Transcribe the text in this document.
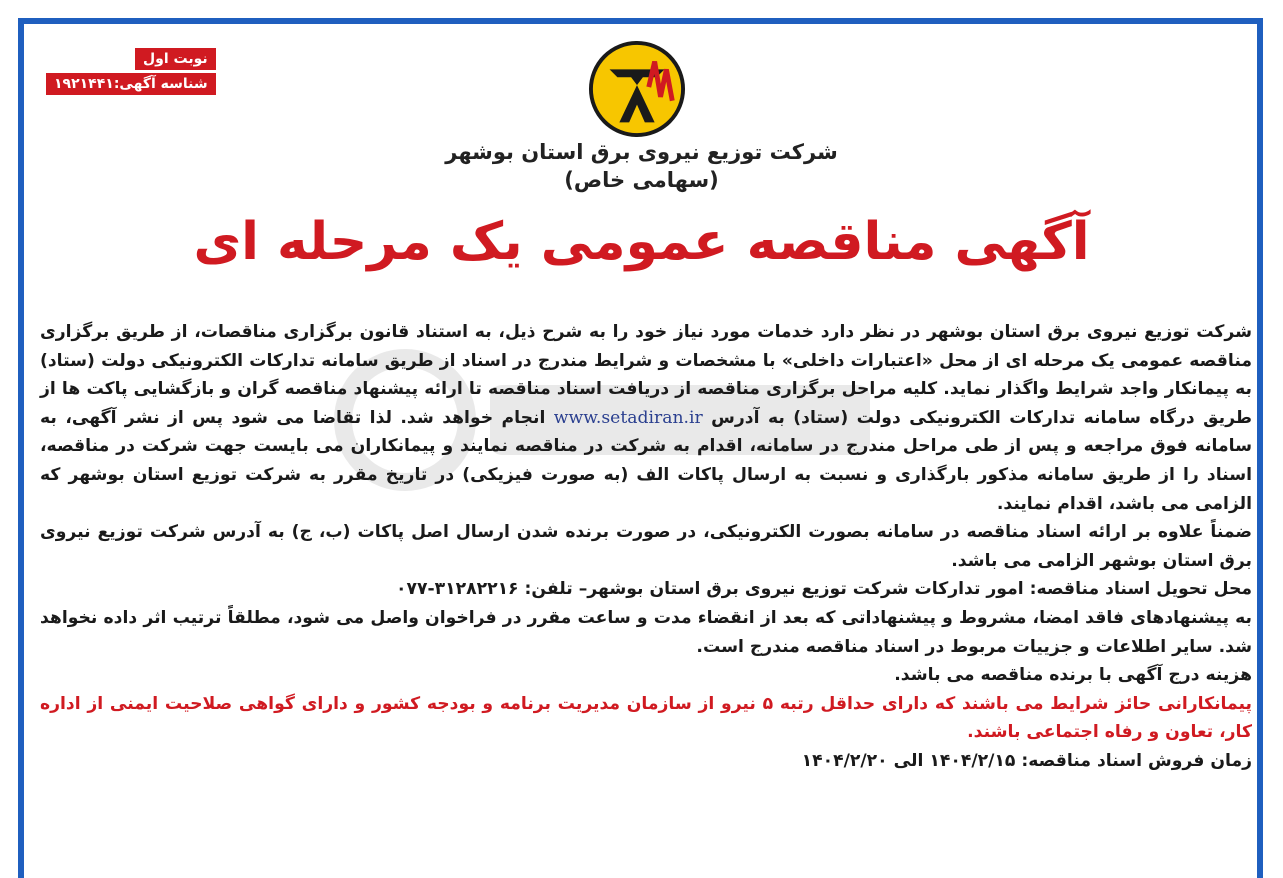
نوبت اول
شناسه آگهی:۱۹۲۱۴۴۱
شرکت توزیع نیروی برق استان بوشهر
(سهامی خاص)
آگهی مناقصه عمومی یک مرحله ای

شرکت توزیع نیروی برق استان بوشهر در نظر دارد خدمات مورد نیاز خود را به شرح ذیل، به استناد قانون برگزاری مناقصات، از طریق برگزاری مناقصه عمومی یک مرحله ای از محل «اعتبارات داخلی» با مشخصات و شرایط مندرج در اسناد از طریق سامانه تدارکات الکترونیکی دولت (ستاد) به پیمانکار واجد شرایط واگذار نماید. کلیه مراحل برگزاری مناقصه از دریافت اسناد مناقصه تا ارائه پیشنهاد مناقصه گران و بازگشایی پاکت ها از طریق درگاه سامانه تدارکات الکترونیکی دولت (ستاد) به آدرس www.setadiran.ir انجام خواهد شد. لذا تقاضا می شود پس از نشر آگهی، به سامانه فوق مراجعه و پس از طی مراحل مندرج در سامانه، اقدام به شرکت در مناقصه نمایند و پیمانکاران می بایست جهت شرکت در مناقصه، اسناد را از طریق سامانه مذکور بارگذاری و نسبت به ارسال پاکات الف (به صورت فیزیکی) در تاریخ مقرر به شرکت توزیع استان بوشهر که الزامی می باشد، اقدام نمایند.

ضمناً علاوه بر ارائه اسناد مناقصه در سامانه بصورت الکترونیکی، در صورت برنده شدن ارسال اصل پاکات (ب، ج) به آدرس شرکت توزیع نیروی برق استان بوشهر الزامی می باشد.

محل تحویل اسناد مناقصه: امور تدارکات شرکت توزیع نیروی برق استان بوشهر– تلفن: ۳۱۲۸۲۲۱۶-۰۷۷

به پیشنهادهای فاقد امضا، مشروط و پیشنهاداتی که بعد از انقضاء مدت و ساعت مقرر در فراخوان واصل می شود، مطلقاً ترتیب اثر داده نخواهد شد. سایر اطلاعات و جزییات مربوط در اسناد مناقصه مندرج است.

هزینه درج آگهی با برنده مناقصه می باشد.

پیمانکارانی حائز شرایط می باشند که دارای حداقل رتبه ۵ نیرو از سازمان مدیریت برنامه و بودجه کشور و دارای گواهی صلاحیت ایمنی از اداره کار، تعاون و رفاه اجتماعی باشند.

زمان فروش اسناد مناقصه: ۱۴۰۴/۲/۱۵ الی ۱۴۰۴/۲/۲۰
